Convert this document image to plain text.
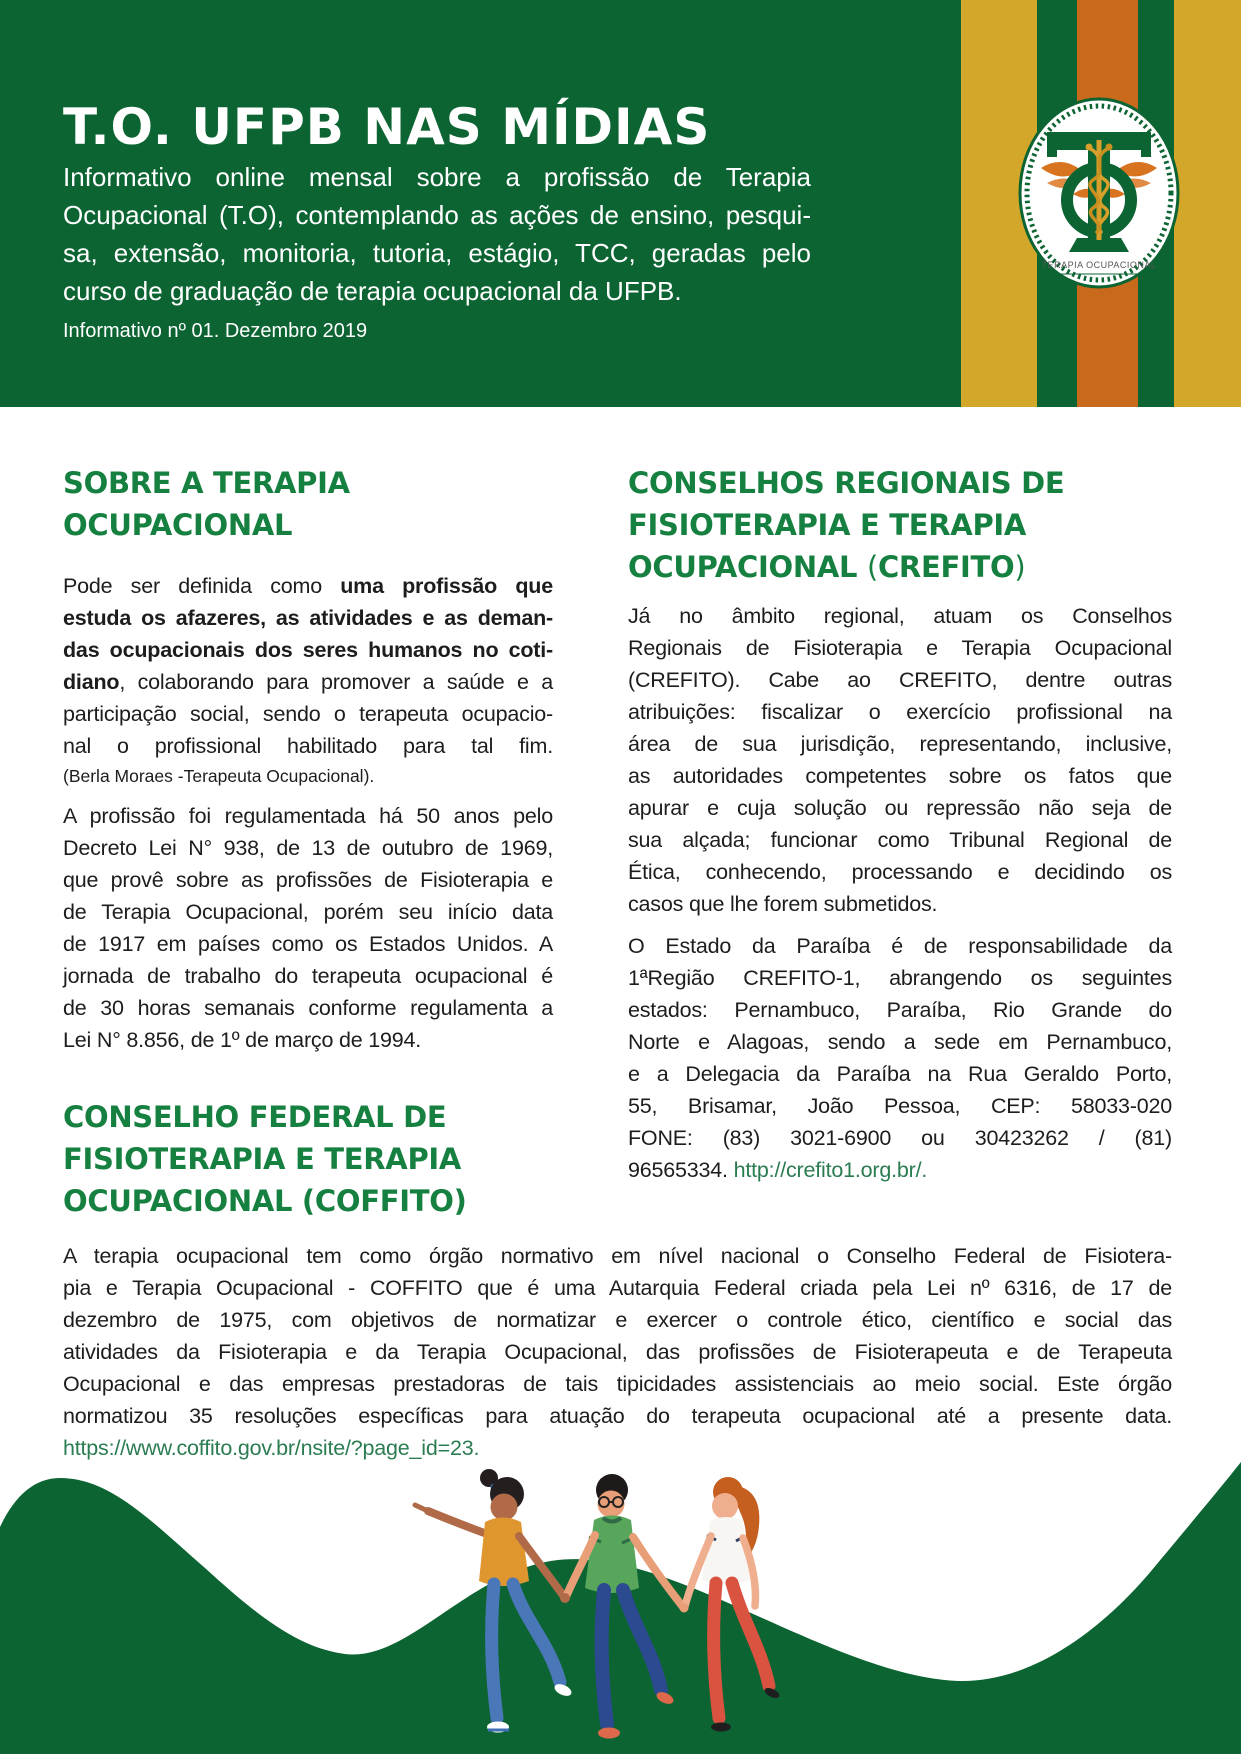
T.O. UFPB NAS MÍDIAS
Informativo online mensal sobre a profissão de Terapia
Ocupacional (T.O), contemplando as ações de ensino, pesqui-
sa, extensão, monitoria, tutoria, estágio, TCC, geradas pelo
curso de graduação de terapia ocupacional da UFPB.
Informativo nº 01. Dezembro 2019
TERAPIA OCUPACIONAL
SOBRE A TERAPIA
OCUPACIONAL
Pode ser definida como uma profissão que
estuda os afazeres, as atividades e as deman-
das ocupacionais dos seres humanos no coti-
diano, colaborando para promover a saúde e a
participação social, sendo o terapeuta ocupacio-
nal o profissional habilitado para tal fim.
(Berla Moraes -Terapeuta Ocupacional).
A profissão foi regulamentada há 50 anos pelo
Decreto Lei N° 938, de 13 de outubro de 1969,
que provê sobre as profissões de Fisioterapia e
de Terapia Ocupacional, porém seu início data
de 1917 em países como os Estados Unidos. A
jornada de trabalho do terapeuta ocupacional é
de 30 horas semanais conforme regulamenta a
Lei N° 8.856, de 1º de março de 1994.
CONSELHO FEDERAL DE
FISIOTERAPIA E TERAPIA
OCUPACIONAL (COFFITO)
CONSELHOS REGIONAIS DE
FISIOTERAPIA E TERAPIA
OCUPACIONAL (CREFITO)
Já no âmbito regional, atuam os Conselhos
Regionais de Fisioterapia e Terapia Ocupacional
(CREFITO). Cabe ao CREFITO, dentre outras
atribuições: fiscalizar o exercício profissional na
área de sua jurisdição, representando, inclusive,
as autoridades competentes sobre os fatos que
apurar e cuja solução ou repressão não seja de
sua alçada; funcionar como Tribunal Regional de
Ética, conhecendo, processando e decidindo os
casos que lhe forem submetidos.
O Estado da Paraíba é de responsabilidade da
1ªRegião CREFITO-1, abrangendo os seguintes
estados: Pernambuco, Paraíba, Rio Grande do
Norte e Alagoas, sendo a sede em Pernambuco,
e a Delegacia da Paraíba na Rua Geraldo Porto,
55, Brisamar, João Pessoa, CEP: 58033-020
FONE: (83) 3021-6900 ou 30423262 / (81)
96565334. http://crefito1.org.br/.
A terapia ocupacional tem como órgão normativo em nível nacional o Conselho Federal de Fisiotera-
pia e Terapia Ocupacional - COFFITO que é uma Autarquia Federal criada pela Lei nº 6316, de 17 de
dezembro de 1975, com objetivos de normatizar e exercer o controle ético, científico e social das
atividades da Fisioterapia e da Terapia Ocupacional, das profissões de Fisioterapeuta e de Terapeuta
Ocupacional e das empresas prestadoras de tais tipicidades assistenciais ao meio social. Este órgão
normatizou 35 resoluções específicas para atuação do terapeuta ocupacional até a presente data.
https://www.coffito.gov.br/nsite/?page_id=23.
